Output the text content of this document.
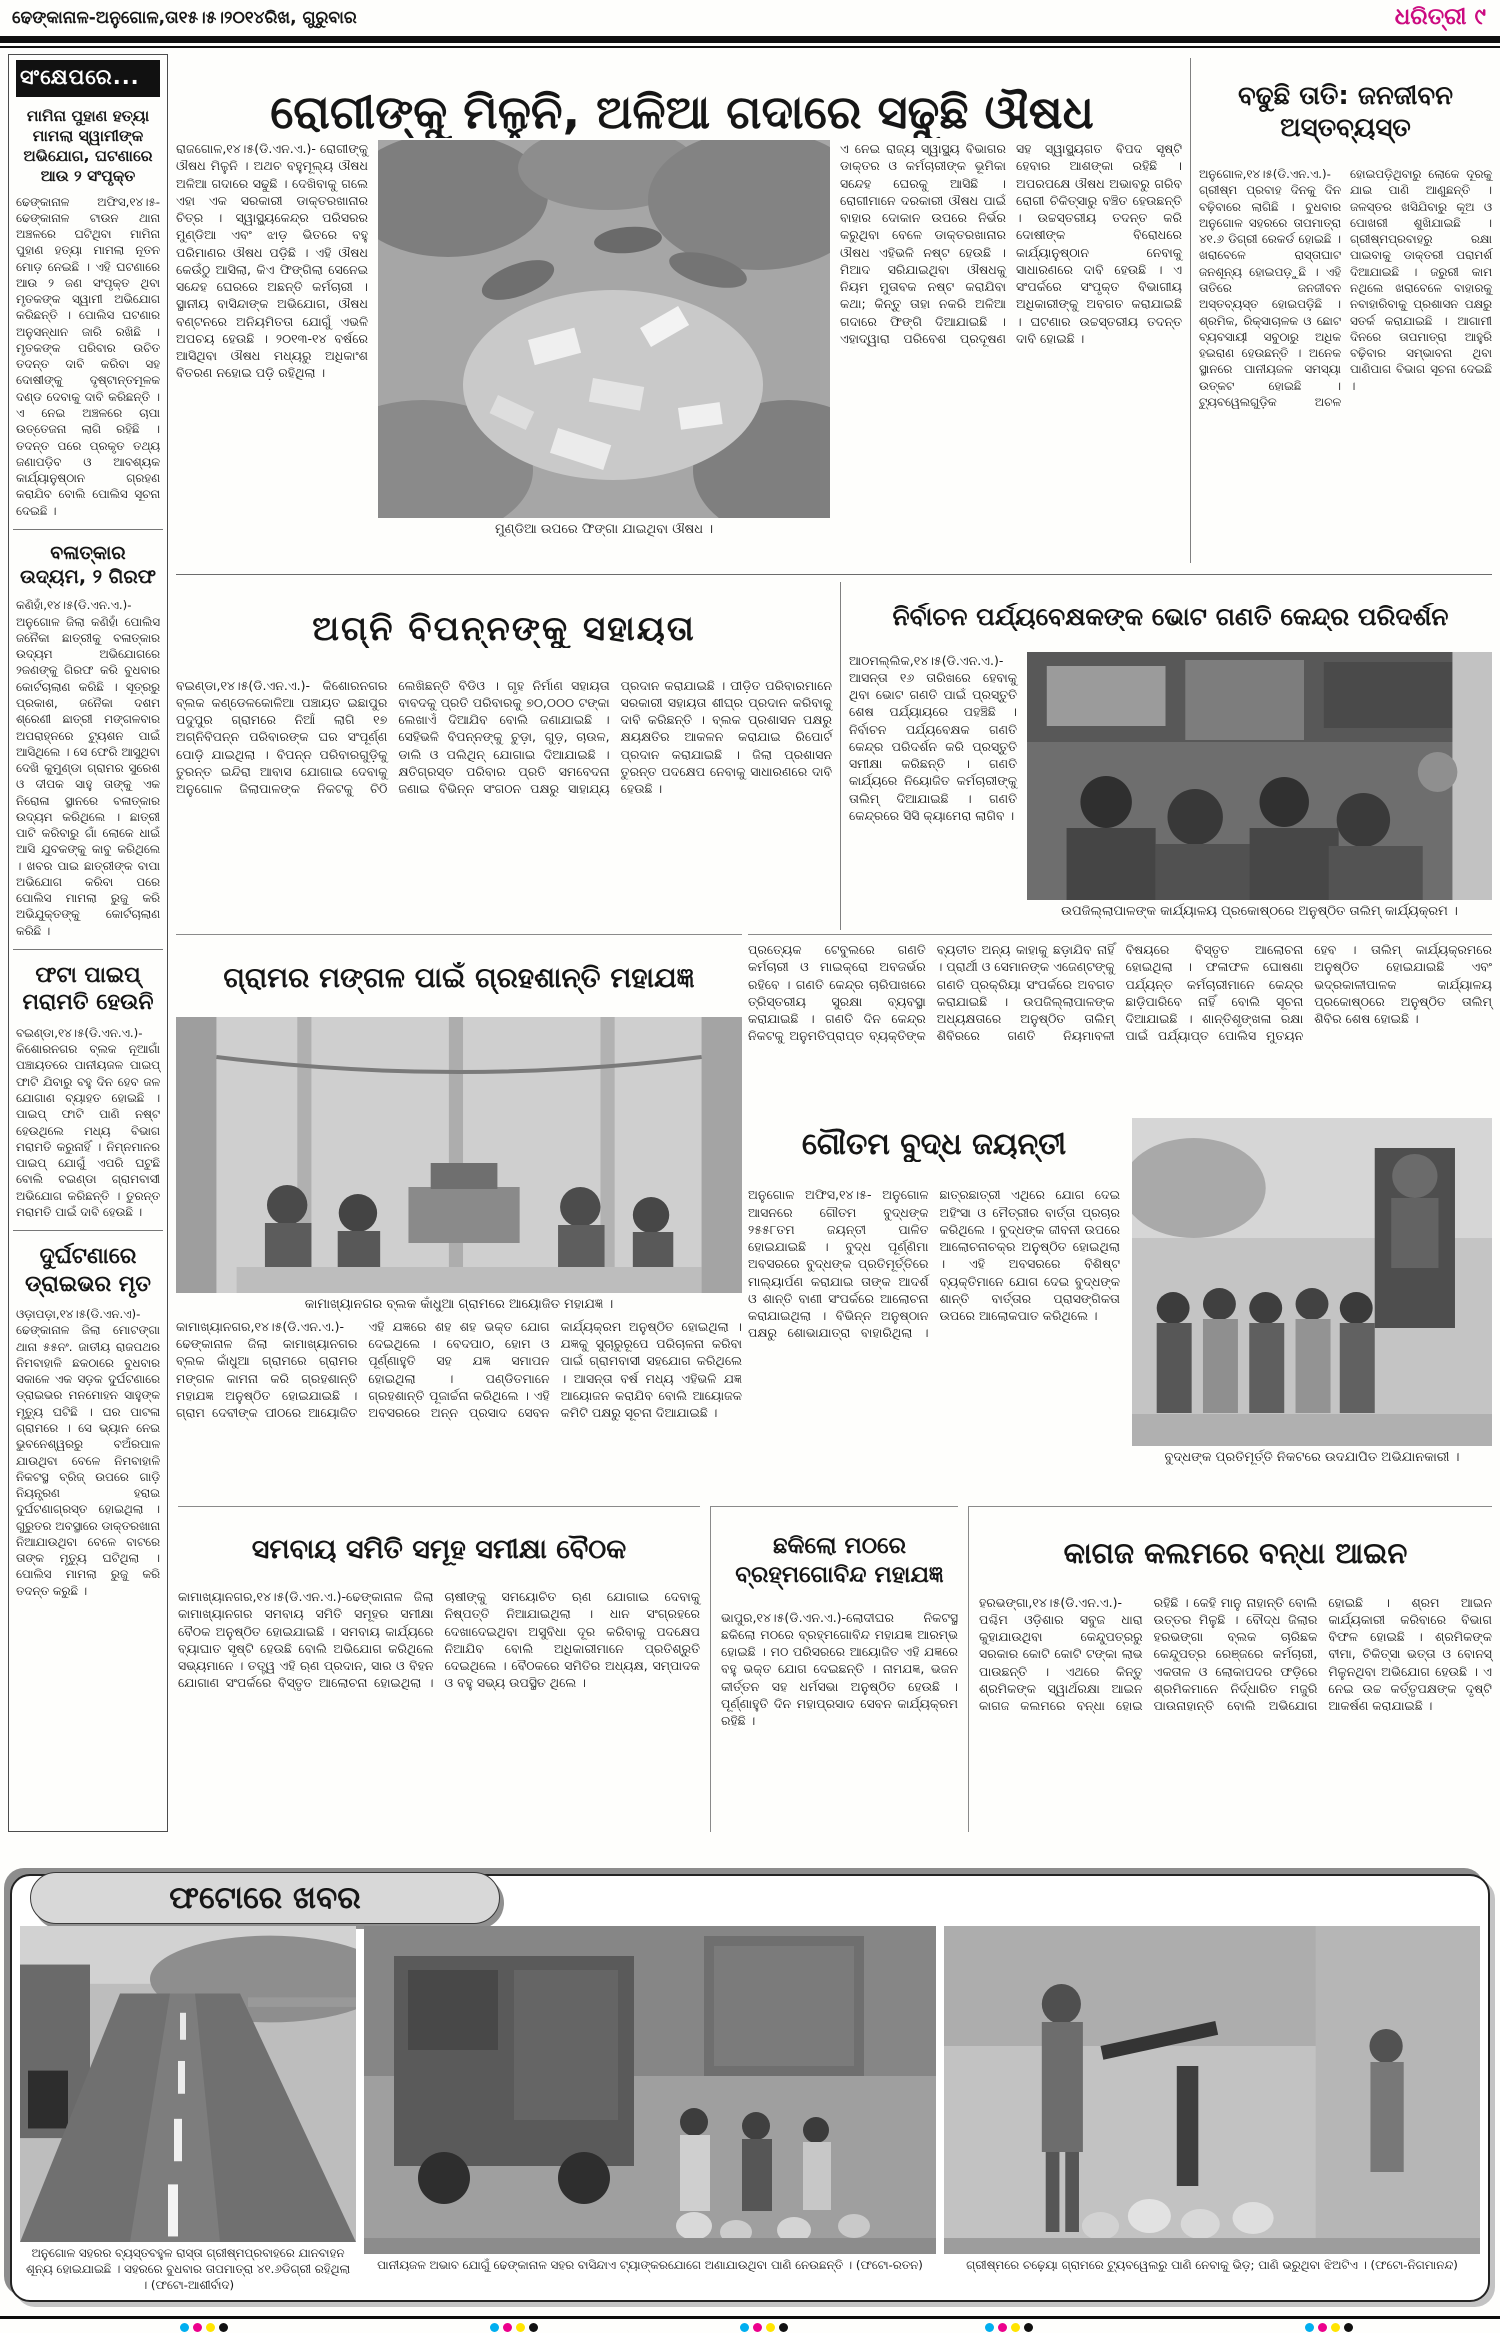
ଢେଙ୍କାନାଳ-ଅନୁଗୋଳ,ତା୧୫।୫।୨୦୧୪ରିଖ, ଗୁରୁବାର	ଧରିତ୍ରୀ ୯
ସଂକ୍ଷେପରେ...
ମାମିନା ପୁହାଣ ହତ୍ୟା ମାମଲା ସ୍ୱାମୀଙ୍କ ଅଭିଯୋଗ, ଘଟଣାରେ ଆଉ ୨ ସଂପୃକ୍ତ
ଢେଙ୍କାନାଳ ଅଫିସ,୧୪।୫-ଢେଙ୍କାନାଳ ଟାଉନ ଥାନା ଅଞ୍ଚଳରେ ଘଟିଥିବା ମାମିନା ପୁହାଣ ହତ୍ୟା ମାମଲା ନୂତନ ମୋଡ଼ ନେଇଛି । ଏହି ଘଟଣାରେ ଆଉ ୨ ଜଣ ସଂପୃକ୍ତ ଥିବା ମୃତକଙ୍କ ସ୍ୱାମୀ ଅଭିଯୋଗ କରିଛନ୍ତି । ପୋଲିସ ଘଟଣାର ଅନୁସନ୍ଧାନ ଜାରି ରଖିଛି । ମୃତକଙ୍କ ପରିବାର ଉଚିତ ତଦନ୍ତ ଦାବି କରିବା ସହ ଦୋଷୀଙ୍କୁ ଦୃଷ୍ଟାନ୍ତମୂଳକ ଦଣ୍ଡ ଦେବାକୁ ଦାବି କରିଛନ୍ତି । ଏ ନେଇ ଅଞ୍ଚଳରେ ଚାପା ଉତ୍ତେଜନା ଲାଗି ରହିଛି । ତଦନ୍ତ ପରେ ପ୍ରକୃତ ତଥ୍ୟ ଜଣାପଡ଼ିବ ଓ ଆବଶ୍ୟକ କାର୍ଯ୍ୟାନୁଷ୍ଠାନ ଗ୍ରହଣ କରାଯିବ ବୋଲି ପୋଲିସ ସୂଚନା ଦେଇଛି ।
ବଳାତ୍କାର ଉଦ୍ୟମ, ୨ ଗିରଫ
କଣିହାଁ,୧୪।୫(ଡି.ଏନ.ଏ.)- ଅନୁଗୋଳ ଜିଲା କଣିହାଁ ପୋଲିସ ଜନୈକା ଛାତ୍ରୀକୁ ବଳାତ୍କାର ଉଦ୍ୟମ ଅଭିଯୋଗରେ ୨ଜଣଙ୍କୁ ଗିରଫ କରି ବୁଧବାର କୋର୍ଟଚାଲାଣ କରିଛି । ସୂତ୍ରରୁ ପ୍ରକାଶ, ଜନୈକା ଦଶମ ଶ୍ରେଣୀ ଛାତ୍ରୀ ମଙ୍ଗଳବାର ଅପରାହ୍ନରେ ଟ୍ୟୁଶନ ପାଇଁ ଆସିଥିଲେ । ସେ ଫେରି ଆସୁଥିବା ଦେଖି କୁମୁଣ୍ଡା ଗ୍ରାମର ସୁରେଶ ଓ ଦୀପକ ସାହୁ ତାଙ୍କୁ ଏକ ନିରୋଳା ସ୍ଥାନରେ ବଳାତ୍କାର ଉଦ୍ୟମ କରିଥିଲେ । ଛାତ୍ରୀ ପାଟି କରିବାରୁ ଗାଁ ଲୋକେ ଧାଇଁ ଆସି ଯୁବକଙ୍କୁ କାବୁ କରିଥିଲେ । ଖବର ପାଇ ଛାତ୍ରୀଙ୍କ ବାପା ଅଭିଯୋଗ କରିବା ପରେ ପୋଲିସ ମାମଲା ରୁଜୁ କରି ଅଭିଯୁକ୍ତଙ୍କୁ କୋର୍ଟଚାଲାଣ କରିଛି ।
ଫଟା ପାଇପ୍ ମରାମତି ହେଉନି
ବଇଣ୍ଡା,୧୪।୫(ଡି.ଏନ.ଏ.)- କିଶୋରନଗର ବ୍ଲକ ନୂଆଗାଁ ପଞ୍ଚାୟତରେ ପାନୀୟଜଳ ପାଇପ୍ ଫାଟି ଯିବାରୁ ବହୁ ଦିନ ହେବ ଜଳ ଯୋଗାଣ ବ୍ୟାହତ ହୋଇଛି । ପାଇପ୍ ଫାଟି ପାଣି ନଷ୍ଟ ହେଉଥିଲେ ମଧ୍ୟ ବିଭାଗ ମରାମତି କରୁନାହିଁ । ନିମ୍ନମାନର ପାଇପ୍ ଯୋଗୁଁ ଏପରି ଘଟୁଛି ବୋଲି ବଇଣ୍ଡା ଗ୍ରାମବାସୀ ଅଭିଯୋଗ କରିଛନ୍ତି । ତୁରନ୍ତ ମରାମତି ପାଇଁ ଦାବି ହେଉଛି ।
ଦୁର୍ଘଟଣାରେ ଡ୍ରାଇଭର ମୃତ
ଓଡ଼ାପଡ଼ା,୧୪।୫(ଡି.ଏନ.ଏ)-ଢେଙ୍କାନାଳ ଜିଲା ମୋଟଙ୍ଗା ଥାନା ୫୫ନଂ. ଜାତୀୟ ରାଜପଥର ନିମବାହାଳି ଛକଠାରେ ବୁଧବାର ସକାଳେ ଏକ ସଡ଼କ ଦୁର୍ଘଟଣାରେ ଡ୍ରାଇଭର ମନମୋହନ ସାହୁଙ୍କ ମୃତ୍ୟୁ ଘଟିଛି । ଘର ପାଟଳା ଗ୍ରାମରେ । ସେ ଭ୍ୟାନ ନେଇ ଭୁବନେଶ୍ୱରରୁ ବଅଁରପାଳ ଯାଉଥିବା ବେଳେ ନିମବାହାଳି ନିକଟସ୍ଥ ବ୍ରିଜ୍ ଉପରେ ଗାଡ଼ି ନିୟନ୍ତ୍ରଣ ହରାଇ ଦୁର୍ଘଟଣାଗ୍ରସ୍ତ ହୋଇଥିଲା । ଗୁରୁତର ଅବସ୍ଥାରେ ଡାକ୍ତରଖାନା ନିଆଯାଉଥିବା ବେଳେ ବାଟରେ ତାଙ୍କ ମୃତ୍ୟୁ ଘଟିଥିଲା । ପୋଲିସ ମାମଲା ରୁଜୁ କରି ତଦନ୍ତ କରୁଛି ।
ରୋଗୀଙ୍କୁ ମିଳୁନି, ଅଳିଆ ଗଦାରେ ସଢୁଛି ଔଷଧ
ରାଜଗୋଳ,୧୪।୫(ଡି.ଏନ.ଏ.)- ରୋଗୀଙ୍କୁ ଔଷଧ ମିଳୁନି । ଅଥଚ ବହୁମୂଲ୍ୟ ଔଷଧ ଅଳିଆ ଗଦାରେ ସଢୁଛି । ଦେଖିବାକୁ ଗଲେ ଏହା ଏକ ସରକାରୀ ଡାକ୍ତରଖାନାର ଚିତ୍ର । ସ୍ୱାସ୍ଥ୍ୟକେନ୍ଦ୍ର ପରିସରର ମୁଣ୍ଡିଆ ଏବଂ ଝାଡ଼ ଭିତରେ ବହୁ ପରିମାଣର ଔଷଧ ପଡ଼ିଛି । ଏହି ଔଷଧ କେଉଁଠୁ ଆସିଲା, କିଏ ଫିଙ୍ଗିଲା ସେନେଇ ସନ୍ଦେହ ଘେରରେ ଅଛନ୍ତି କର୍ମଚାରୀ । ସ୍ଥାନୀୟ ବାସିନ୍ଦାଙ୍କ ଅଭିଯୋଗ, ଔଷଧ ବଣ୍ଟନରେ ଅନିୟମିତତା ଯୋଗୁଁ ଏଭଳି ଅପଚୟ ହେଉଛି । ୨୦୧୩-୧୪ ବର୍ଷରେ ଆସିଥିବା ଔଷଧ ମଧ୍ୟରୁ ଅଧିକାଂଶ ବିତରଣ ନହୋଇ ପଡ଼ି ରହିଥିଲା ।
ମୁଣ୍ଡିଆ ଉପରେ ଫିଙ୍ଗା ଯାଇଥିବା ଔଷଧ ।
ଏ ନେଇ ରାଜ୍ୟ ସ୍ୱାସ୍ଥ୍ୟ ବିଭାଗର ଡାକ୍ତର ଓ କର୍ମଚାରୀଙ୍କ ଭୂମିକା ସନ୍ଦେହ ଘେରକୁ ଆସିଛି । ରୋଗୀମାନେ ଦରକାରୀ ଔଷଧ ପାଇଁ ବାହାର ଦୋକାନ ଉପରେ ନିର୍ଭର କରୁଥିବା ବେଳେ ଡାକ୍ତରଖାନାର ଔଷଧ ଏହିଭଳି ନଷ୍ଟ ହେଉଛି । ମିଆଦ ସରିଯାଇଥିବା ଔଷଧକୁ ନିୟମ ମୁତାବକ ନଷ୍ଟ କରାଯିବା କଥା; କିନ୍ତୁ ତାହା ନକରି ଅଳିଆ ଗଦାରେ ଫିଙ୍ଗି ଦିଆଯାଇଛି । ଏହାଦ୍ୱାରା ପରିବେଶ ପ୍ରଦୂଷଣ ସହ ସ୍ୱାସ୍ଥ୍ୟଗତ ବିପଦ ସୃଷ୍ଟି ହେବାର ଆଶଙ୍କା ରହିଛି । ଅପରପକ୍ଷେ ଔଷଧ ଅଭାବରୁ ଗରିବ ରୋଗୀ ଚିକିତ୍ସାରୁ ବଞ୍ଚିତ ହେଉଛନ୍ତି । ଉଚ୍ଚସ୍ତରୀୟ ତଦନ୍ତ କରି ଦୋଷୀଙ୍କ ବିରୋଧରେ କାର୍ଯ୍ୟାନୁଷ୍ଠାନ ନେବାକୁ ସାଧାରଣରେ ଦାବି ହେଉଛି । ଏ ସଂପର୍କରେ ସଂପୃକ୍ତ ବିଭାଗୀୟ ଅଧିକାରୀଙ୍କୁ ଅବଗତ କରାଯାଇଛି । ଘଟଣାର ଉଚ୍ଚସ୍ତରୀୟ ତଦନ୍ତ ଦାବି ହୋଇଛି ।
ବଢୁଛି ତାତି: ଜନଜୀବନ ଅସ୍ତବ୍ୟସ୍ତ
ଅନୁଗୋଳ,୧୪।୫(ଡି.ଏନ.ଏ.)- ଗ୍ରୀଷ୍ମ ପ୍ରବାହ ଦିନକୁ ଦିନ ବଢ଼ିବାରେ ଲାଗିଛି । ବୁଧବାର ଅନୁଗୋଳ ସହରରେ ତାପମାତ୍ରା ୪୧.୬ ଡିଗ୍ରୀ ରେକର୍ଡ ହୋଇଛି । ଖରାବେଳେ ରାସ୍ତାଘାଟ ଜନଶୂନ୍ୟ ହୋଇପଡ଼ୁଛି । ଏହି ତାତିରେ ଜନଜୀବନ ଅସ୍ତବ୍ୟସ୍ତ ହୋଇପଡ଼ିଛି । ଶ୍ରମିକ, ରିକ୍ସାଚାଳକ ଓ ଛୋଟ ବ୍ୟବସାୟୀ ସବୁଠାରୁ ଅଧିକ ହଇରାଣ ହେଉଛନ୍ତି । ଅନେକ ସ୍ଥାନରେ ପାନୀୟଜଳ ସମସ୍ୟା ଉତ୍କଟ ହୋଇଛି । ଟ୍ୟୁବୱେଲଗୁଡ଼ିକ ଅଚଳ ହୋଇପଡ଼ିଥିବାରୁ ଲୋକେ ଦୂରକୁ ଯାଇ ପାଣି ଆଣୁଛନ୍ତି । ଜଳସ୍ତର ଖସିଯିବାରୁ କୂଅ ଓ ପୋଖରୀ ଶୁଖିଯାଇଛି । ଗ୍ରୀଷ୍ମପ୍ରବାହରୁ ରକ୍ଷା ପାଇବାକୁ ଡାକ୍ତରୀ ପରାମର୍ଶ ଦିଆଯାଇଛି । ଜରୁରୀ କାମ ନଥିଲେ ଖରାବେଳେ ବାହାରକୁ ନବାହାରିବାକୁ ପ୍ରଶାସନ ପକ୍ଷରୁ ସତର୍କ କରାଯାଇଛି । ଆଗାମୀ ଦିନରେ ତାପମାତ୍ରା ଆହୁରି ବଢ଼ିବାର ସମ୍ଭାବନା ଥିବା ପାଣିପାଗ ବିଭାଗ ସୂଚନା ଦେଇଛି ।
ଅଗ୍ନି ବିପନ୍ନଙ୍କୁ ସହାୟତା
ବଇଣ୍ଡା,୧୪।୫(ଡି.ଏନ.ଏ.)- କିଶୋରନଗର ବ୍ଲକ କଣ୍ଡେଳକୋଳିଆ ପଞ୍ଚାୟତ ଇଛାପୁର ପଦୁପୁର ଗ୍ରାମରେ ନିଆଁ ଲାଗି ୧୭ ଅଗ୍ନିବିପନ୍ନ ପରିବାରଙ୍କ ଘର ସଂପୂର୍ଣ୍ଣ ପୋଡ଼ି ଯାଇଥିଲା । ବିପନ୍ନ ପରିବାରଗୁଡ଼ିକୁ ତୁରନ୍ତ ଇନ୍ଦିରା ଆବାସ ଯୋଗାଇ ଦେବାକୁ ଅନୁଗୋଳ ଜିଲାପାଳଙ୍କ ନିକଟକୁ ଚିଠି ଲେଖିଛନ୍ତି ବିଡିଓ । ଗୃହ ନିର୍ମାଣ ସହାୟତା ବାବଦକୁ ପ୍ରତି ପରିବାରକୁ ୭୦,୦୦୦ ଟଙ୍କା ଲେଖାଏଁ ଦିଆଯିବ ବୋଲି ଜଣାଯାଇଛି । ସେହିଭଳି ବିପନ୍ନଙ୍କୁ ଚୁଡ଼ା, ଗୁଡ଼, ଚାଉଳ, ଡାଲି ଓ ପଲିଥିନ୍ ଯୋଗାଇ ଦିଆଯାଇଛି । କ୍ଷତିଗ୍ରସ୍ତ ପରିବାର ପ୍ରତି ସମବେଦନା ଜଣାଇ ବିଭିନ୍ନ ସଂଗଠନ ପକ୍ଷରୁ ସାହାଯ୍ୟ ପ୍ରଦାନ କରାଯାଇଛି । ପୀଡ଼ିତ ପରିବାରମାନେ ସରକାରୀ ସହାୟତା ଶୀଘ୍ର ପ୍ରଦାନ କରିବାକୁ ଦାବି କରିଛନ୍ତି । ବ୍ଲକ ପ୍ରଶାସନ ପକ୍ଷରୁ କ୍ଷୟକ୍ଷତିର ଆକଳନ କରାଯାଇ ରିପୋର୍ଟ ପ୍ରଦାନ କରାଯାଇଛି । ଜିଲା ପ୍ରଶାସନ ତୁରନ୍ତ ପଦକ୍ଷେପ ନେବାକୁ ସାଧାରଣରେ ଦାବି ହେଉଛି ।
ନିର୍ବାଚନ ପର୍ଯ୍ୟବେକ୍ଷକଙ୍କ ଭୋଟ ଗଣତି କେନ୍ଦ୍ର ପରିଦର୍ଶନ
ଆଠମଲ୍ଲିକ,୧୪।୫(ଡି.ଏନ.ଏ.)- ଆସନ୍ତା ୧୬ ତାରିଖରେ ହେବାକୁ ଥିବା ଭୋଟ ଗଣତି ପାଇଁ ପ୍ରସ୍ତୁତି ଶେଷ ପର୍ଯ୍ୟାୟରେ ପହଞ୍ଚିଛି । ନିର୍ବାଚନ ପର୍ଯ୍ୟବେକ୍ଷକ ଗଣତି କେନ୍ଦ୍ର ପରିଦର୍ଶନ କରି ପ୍ରସ୍ତୁତି ସମୀକ୍ଷା କରିଛନ୍ତି । ଗଣତି କାର୍ଯ୍ୟରେ ନିୟୋଜିତ କର୍ମଚାରୀଙ୍କୁ ତାଲିମ୍ ଦିଆଯାଇଛି । ଗଣତି କେନ୍ଦ୍ରରେ ସିସି କ୍ୟାମେରା ଲାଗିବ ।
ଉପଜିଲ୍ଲାପାଳଙ୍କ କାର୍ଯ୍ୟାଳୟ ପ୍ରକୋଷ୍ଠରେ ଅନୁଷ୍ଠିତ ତାଲିମ୍ କାର୍ଯ୍ୟକ୍ରମ ।
ପ୍ରତ୍ୟେକ ଟେବୁଲରେ ଗଣତି କର୍ମଚାରୀ ଓ ମାଇକ୍ରୋ ଅବଜର୍ଭର ରହିବେ । ଗଣତି କେନ୍ଦ୍ର ଚାରିପାଖରେ ତ୍ରିସ୍ତରୀୟ ସୁରକ୍ଷା ବ୍ୟବସ୍ଥା କରାଯାଇଛି । ଗଣତି ଦିନ କେନ୍ଦ୍ର ନିକଟକୁ ଅନୁମତିପ୍ରାପ୍ତ ବ୍ୟକ୍ତିଙ୍କ ବ୍ୟତୀତ ଅନ୍ୟ କାହାକୁ ଛଡ଼ାଯିବ ନାହିଁ । ପ୍ରାର୍ଥୀ ଓ ସେମାନଙ୍କ ଏଜେଣ୍ଟଙ୍କୁ ଗଣତି ପ୍ରକ୍ରିୟା ସଂପର୍କରେ ଅବଗତ କରାଯାଇଛି । ଉପଜିଲ୍ଲାପାଳଙ୍କ ଅଧ୍ୟକ୍ଷତାରେ ଅନୁଷ୍ଠିତ ତାଲିମ୍ ଶିବିରରେ ଗଣତି ନିୟମାବଳୀ ବିଷୟରେ ବିସ୍ତୃତ ଆଲୋଚନା ହୋଇଥିଲା । ଫଳାଫଳ ଘୋଷଣା ପର୍ଯ୍ୟନ୍ତ କର୍ମଚାରୀମାନେ କେନ୍ଦ୍ର ଛାଡ଼ିପାରିବେ ନାହିଁ ବୋଲି ସୂଚନା ଦିଆଯାଇଛି । ଶାନ୍ତିଶୃଙ୍ଖଳା ରକ୍ଷା ପାଇଁ ପର୍ଯ୍ୟାପ୍ତ ପୋଲିସ ମୁତୟନ ହେବ । ତାଲିମ୍ କାର୍ଯ୍ୟକ୍ରମରେ ଅନୁଷ୍ଠିତ ହୋଇଯାଇଛି ଏବଂ ଭଦ୍ରକାଳୀପାଳକ କାର୍ଯ୍ୟାଳୟ ପ୍ରକୋଷ୍ଠରେ ଅନୁଷ୍ଠିତ ତାଲିମ୍ ଶିବିର ଶେଷ ହୋଇଛି ।
ଗ୍ରାମର ମଙ୍ଗଳ ପାଇଁ ଗ୍ରହଶାନ୍ତି ମହାଯଜ୍ଞ
କାମାଖ୍ୟାନଗର ବ୍ଲକ କାଁଧୁଆ ଗ୍ରାମରେ ଆୟୋଜିତ ମହାଯଜ୍ଞ ।
କାମାଖ୍ୟାନଗର,୧୪।୫(ଡି.ଏନ.ଏ.)-ଢେଙ୍କାନାଳ ଜିଲା କାମାଖ୍ୟାନଗର ବ୍ଲକ କାଁଧୁଆ ଗ୍ରାମରେ ଗ୍ରାମର ମଙ୍ଗଳ କାମନା କରି ଗ୍ରହଶାନ୍ତି ମହାଯଜ୍ଞ ଅନୁଷ୍ଠିତ ହୋଇଯାଇଛି । ଗ୍ରାମ ଦେବୀଙ୍କ ପୀଠରେ ଆୟୋଜିତ ଏହି ଯଜ୍ଞରେ ଶହ ଶହ ଭକ୍ତ ଯୋଗ ଦେଇଥିଲେ । ବେଦପାଠ, ହୋମ ଓ ପୂର୍ଣ୍ଣାହୁତି ସହ ଯଜ୍ଞ ସମାପନ ହୋଇଥିଲା । ପଣ୍ଡିତମାନେ ଗ୍ରହଶାନ୍ତି ପୂଜାର୍ଚ୍ଚନା କରିଥିଲେ । ଏହି ଅବସରରେ ଅନ୍ନ ପ୍ରସାଦ ସେବନ କାର୍ଯ୍ୟକ୍ରମ ଅନୁଷ୍ଠିତ ହୋଇଥିଲା । ଯଜ୍ଞକୁ ସୁଚାରୁରୂପେ ପରିଚାଳନା କରିବା ପାଇଁ ଗ୍ରାମବାସୀ ସହଯୋଗ କରିଥିଲେ । ଆସନ୍ତା ବର୍ଷ ମଧ୍ୟ ଏହିଭଳି ଯଜ୍ଞ ଆୟୋଜନ କରାଯିବ ବୋଲି ଆୟୋଜକ କମିଟି ପକ୍ଷରୁ ସୂଚନା ଦିଆଯାଇଛି ।
ଗୌତମ ବୁଦ୍ଧ ଜୟନ୍ତୀ
ଅନୁଗୋଳ ଅଫିସ,୧୪।୫- ଅନୁଗୋଳ ଆସନରେ ଗୌତମ ବୁଦ୍ଧଙ୍କ ୨୫୫୮ତମ ଜୟନ୍ତୀ ପାଳିତ ହୋଇଯାଇଛି । ବୁଦ୍ଧ ପୂର୍ଣ୍ଣିମା ଅବସରରେ ବୁଦ୍ଧଙ୍କ ପ୍ରତିମୂର୍ତ୍ତିରେ ମାଲ୍ୟାର୍ପଣ କରାଯାଇ ତାଙ୍କ ଆଦର୍ଶ ଓ ଶାନ୍ତି ବାଣୀ ସଂପର୍କରେ ଆଲୋଚନା କରାଯାଇଥିଲା । ବିଭିନ୍ନ ଅନୁଷ୍ଠାନ ପକ୍ଷରୁ ଶୋଭାଯାତ୍ରା ବାହାରିଥିଲା । ଛାତ୍ରଛାତ୍ରୀ ଏଥିରେ ଯୋଗ ଦେଇ ଅହିଂସା ଓ ମୈତ୍ରୀର ବାର୍ତ୍ତା ପ୍ରଚାର କରିଥିଲେ । ବୁଦ୍ଧଙ୍କ ଜୀବନୀ ଉପରେ ଆଲୋଚନାଚକ୍ର ଅନୁଷ୍ଠିତ ହୋଇଥିଲା । ଏହି ଅବସରରେ ବିଶିଷ୍ଟ ବ୍ୟକ୍ତିମାନେ ଯୋଗ ଦେଇ ବୁଦ୍ଧଙ୍କ ଶାନ୍ତି ବାର୍ତ୍ତାର ପ୍ରାସଙ୍ଗିକତା ଉପରେ ଆଲୋକପାତ କରିଥିଲେ ।
ବୁଦ୍ଧଙ୍କ ପ୍ରତିମୂର୍ତ୍ତି ନିକଟରେ ଉଦଯାପିତ ଅଭିଯାନକାରୀ ।
ସମବାୟ ସମିତି ସମୂହ ସମୀକ୍ଷା ବୈଠକ
କାମାଖ୍ୟାନଗର,୧୪।୫(ଡି.ଏନ.ଏ.)-ଢେଙ୍କାନାଳ ଜିଲା କାମାଖ୍ୟାନଗର ସମବାୟ ସମିତି ସମୂହର ସମୀକ୍ଷା ବୈଠକ ଅନୁଷ୍ଠିତ ହୋଇଯାଇଛି । ସମବାୟ କାର୍ଯ୍ୟରେ ବ୍ୟାଘାତ ସୃଷ୍ଟି ହେଉଛି ବୋଲି ଅଭିଯୋଗ କରିଥିଲେ ସଭ୍ୟମାନେ । ତତ୍ତ୍ୱ ଏହି ଋଣ ପ୍ରଦାନ, ସାର ଓ ବିହନ ଯୋଗାଣ ସଂପର୍କରେ ବିସ୍ତୃତ ଆଲୋଚନା ହୋଇଥିଲା । ଚାଷୀଙ୍କୁ ସମୟୋଚିତ ଋଣ ଯୋଗାଇ ଦେବାକୁ ନିଷ୍ପତ୍ତି ନିଆଯାଇଥିଲା । ଧାନ ସଂଗ୍ରହରେ ଦେଖାଦେଇଥିବା ଅସୁବିଧା ଦୂର କରିବାକୁ ପଦକ୍ଷେପ ନିଆଯିବ ବୋଲି ଅଧିକାରୀମାନେ ପ୍ରତିଶ୍ରୁତି ଦେଇଥିଲେ । ବୈଠକରେ ସମିତିର ଅଧ୍ୟକ୍ଷ, ସମ୍ପାଦକ ଓ ବହୁ ସଭ୍ୟ ଉପସ୍ଥିତ ଥିଲେ ।
ଛକିଲୋ ମଠରେ ବ୍ରହ୍ମଗୋବିନ୍ଦ ମହାଯଜ୍ଞ
ଭାପୁର,୧୪।୫(ଡି.ଏନ.ଏ.)-ଲୋଦୀଘର ନିକଟସ୍ଥ ଛକିଲୋ ମଠରେ ବ୍ରହ୍ମଗୋବିନ୍ଦ ମହାଯଜ୍ଞ ଆରମ୍ଭ ହୋଇଛି । ମଠ ପରିସରରେ ଆୟୋଜିତ ଏହି ଯଜ୍ଞରେ ବହୁ ଭକ୍ତ ଯୋଗ ଦେଇଛନ୍ତି । ନାମଯଜ୍ଞ, ଭଜନ କୀର୍ତ୍ତନ ସହ ଧର୍ମସଭା ଅନୁଷ୍ଠିତ ହେଉଛି । ପୂର୍ଣ୍ଣାହୁତି ଦିନ ମହାପ୍ରସାଦ ସେବନ କାର୍ଯ୍ୟକ୍ରମ ରହିଛି ।
କାଗଜ କଲମରେ ବନ୍ଧା ଆଇନ
ହରଭଙ୍ଗା,୧୪।୫(ଡି.ଏନ.ଏ.)-ପଶ୍ଚିମ ଓଡ଼ିଶାର ସବୁଜ ଧାରା କୁହାଯାଉଥିବା କେନ୍ଦୁପତ୍ରରୁ ସରକାର କୋଟି କୋଟି ଟଙ୍କା ଲାଭ ପାଉଛନ୍ତି । ଏଥରେ କିନ୍ତୁ ଶ୍ରମିକଙ୍କ ସ୍ୱାର୍ଥରକ୍ଷା ଆଇନ କାଗଜ କଲମରେ ବନ୍ଧା ହୋଇ ରହିଛି । କେହି ମାନୁ ନାହାନ୍ତି ବୋଲି ଉତ୍ତର ମିଳୁଛି । ବୌଦ୍ଧ ଜିଲାର ହରଭଙ୍ଗା ବ୍ଲକ ଚାରିଛକ କେନ୍ଦୁପତ୍ର ରେଞ୍ଜରେ କର୍ମଚାରୀ, ଏକତାଳ ଓ ଲୋକାପଦର ଫଡ଼ିରେ ଶ୍ରମିକମାନେ ନିର୍ଦ୍ଧାରିତ ମଜୁରି ପାଉନାହାନ୍ତି ବୋଲି ଅଭିଯୋଗ ହୋଇଛି । ଶ୍ରମ ଆଇନ କାର୍ଯ୍ୟକାରୀ କରିବାରେ ବିଭାଗ ବିଫଳ ହୋଇଛି । ଶ୍ରମିକଙ୍କ ବୀମା, ଚିକିତ୍ସା ଭତ୍ତା ଓ ବୋନସ୍ ମିଳୁନଥିବା ଅଭିଯୋଗ ହେଉଛି । ଏ ନେଇ ଉଚ୍ଚ କର୍ତ୍ତୃପକ୍ଷଙ୍କ ଦୃଷ୍ଟି ଆକର୍ଷଣ କରାଯାଇଛି ।
ଫଟୋରେ ଖବର
ଅନୁଗୋଳ ସହରର ବ୍ୟସ୍ତବହୁଳ ରାସ୍ତା ଗ୍ରୀଷ୍ମପ୍ରବାହରେ ଯାନବାହନ ଶୂନ୍ୟ ହୋଇଯାଇଛି । ସହରରେ ବୁଧବାର ତାପମାତ୍ରା ୪୧.୬ଡିଗ୍ରୀ ରହିଥିଲା । (ଫଟୋ-ଆଶୀର୍ବାଦ)
ପାନୀୟଜଳ ଅଭାବ ଯୋଗୁଁ ଢେଙ୍କାନାଳ ସହର ବାସିନ୍ଦାଏ ଟ୍ୟାଙ୍କରଯୋଗେ ଅଣାଯାଉଥିବା ପାଣି ନେଉଛନ୍ତି । (ଫଟୋ-ରତନ)	ଗ୍ରୀଷ୍ମରେ ଚଢ଼େୟା ଗ୍ରାମରେ ଟ୍ୟୁବୱେଲରୁ ପାଣି ନେବାକୁ ଭିଡ଼; ପାଣି ଭରୁଥିବା ଝିଅଟିଏ । (ଫଟୋ-ନିଗମାନନ୍ଦ)
